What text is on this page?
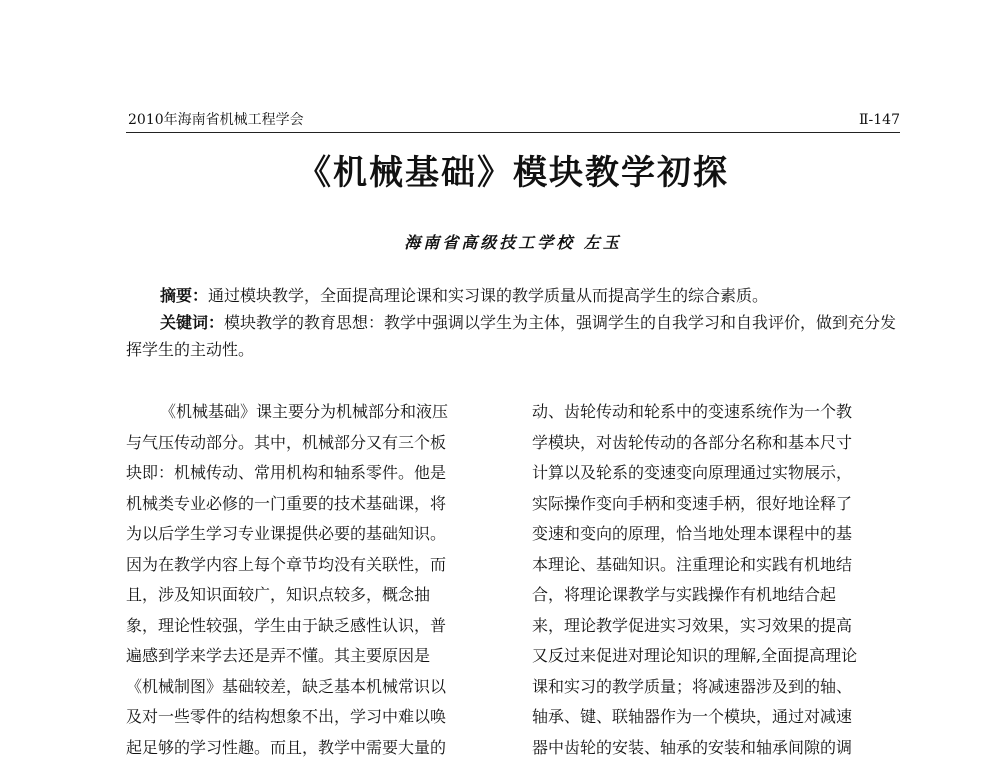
2010年海南省机械工程学会	Ⅱ-147
《机械基础》模块教学初探
海南省高级技工学校 左玉

摘要：通过模块教学，全面提高理论课和实习课的教学质量从而提高学生的综合素质。

关键词：模块教学的教育思想：教学中强调以学生为主体，强调学生的自我学习和自我评价，做到充分发挥学生的主动性。

《机械基础》课主要分为机械部分和液压
与气压传动部分。其中，机械部分又有三个板
块即：机械传动、常用机构和轴系零件。他是
机械类专业必修的一门重要的技术基础课，将
为以后学生学习专业课提供必要的基础知识。
因为在教学内容上每个章节均没有关联性，而
且，涉及知识面较广，知识点较多，概念抽
象，理论性较强，学生由于缺乏感性认识，普
遍感到学来学去还是弄不懂。其主要原因是
《机械制图》基础较差，缺乏基本机械常识以
及对一些零件的结构想象不出，学习中难以唤
起足够的学习性趣。而且，教学中需要大量的
动、齿轮传动和轮系中的变速系统作为一个教
学模块，对齿轮传动的各部分名称和基本尺寸
计算以及轮系的变速变向原理通过实物展示，
实际操作变向手柄和变速手柄，很好地诠释了
变速和变向的原理，恰当地处理本课程中的基
本理论、基础知识。注重理论和实践有机地结
合，将理论课教学与实践操作有机地结合起
来，理论教学促进实习效果，实习效果的提高
又反过来促进对理论知识的理解,全面提高理论
课和实习的教学质量；将减速器涉及到的轴、
轴承、键、联轴器作为一个模块，通过对减速
器中齿轮的安装、轴承的安装和轴承间隙的调
